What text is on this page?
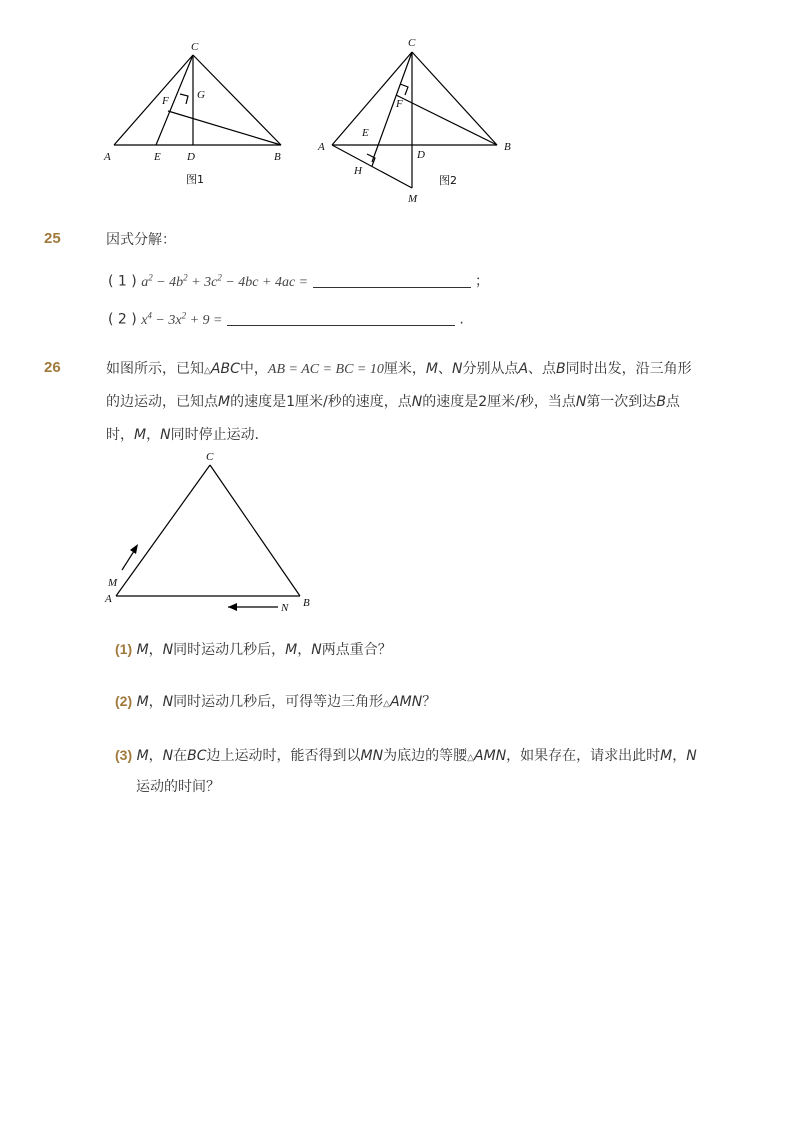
C
F	G
A	E D	B
图1
C
F
E
A
D
B
H
M
图2
25	因式分解：
( 1 ) $a^2 - 4b^2 + 3c^2 - 4bc + 4ac$ =	；
( 2 ) $x^4 - 3x^2 + 9$ =	.
26	如图所示，已知△ABC中，AB = AC = BC = 10厘米，M、N分别从点A、点B同时出发，沿三角形
的边运动，已知点M的速度是1厘米/秒的速度，点N的速度是2厘米/秒，当点N第一次到达B点
时，M，N同时停止运动．
C
M
A	B
N
(1) M，N同时运动几秒后，M，N两点重合？
(2) M，N同时运动几秒后，可得等边三角形△AMN？
(3) M，N在BC边上运动时，能否得到以MN为底边的等腰△AMN，如果存在，请求出此时M，N
运动的时间？
